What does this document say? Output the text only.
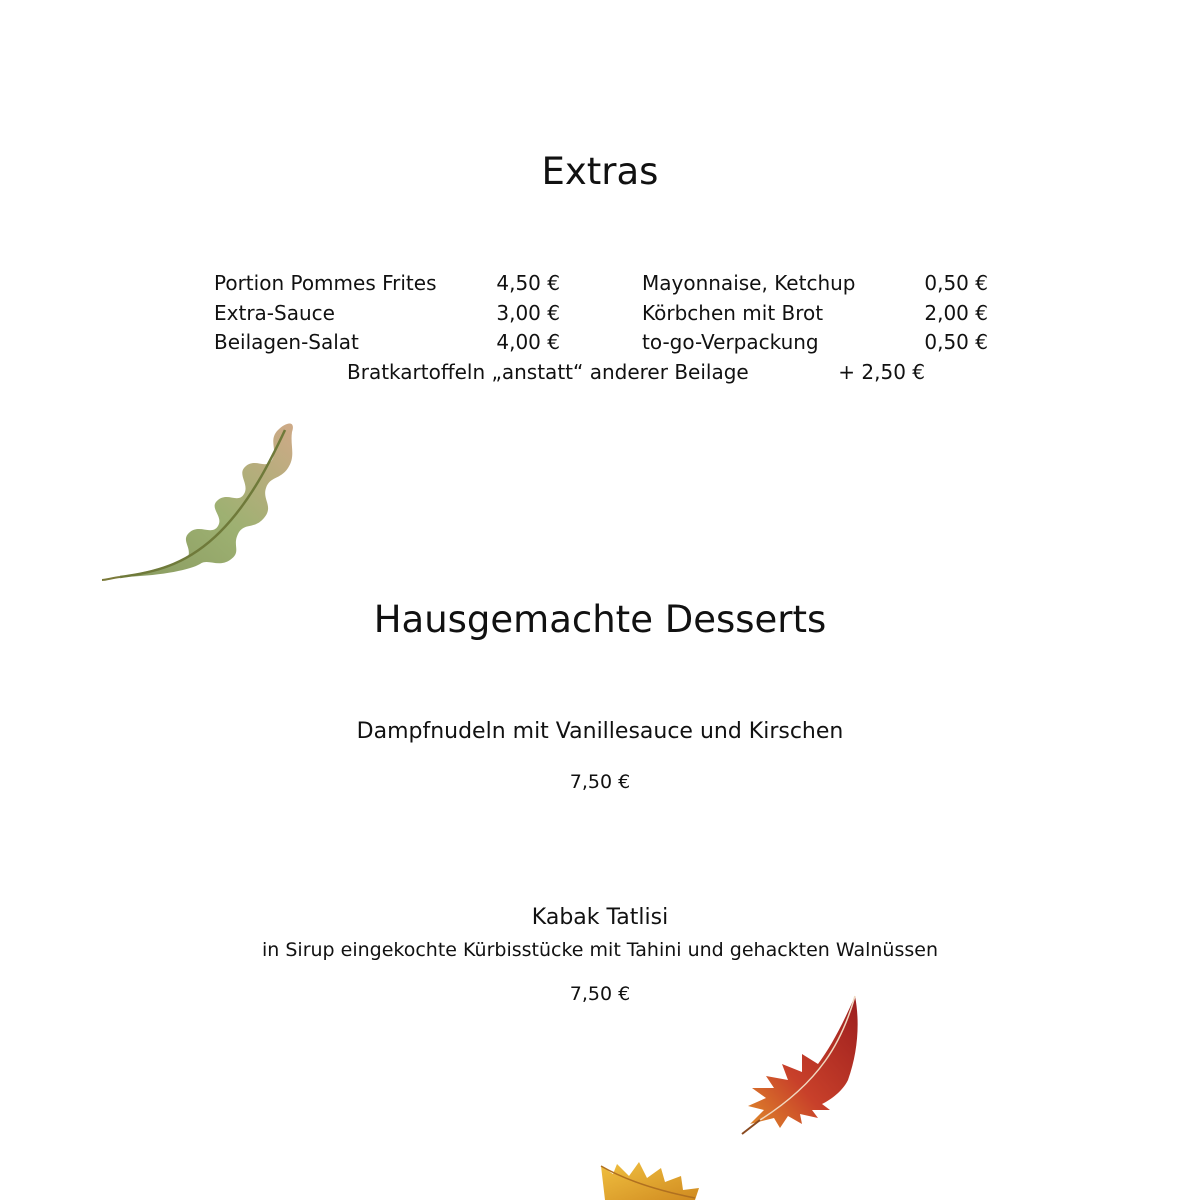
Extras
Portion Pommes Frites	4,50 €
Extra-Sauce	3,00 €
Beilagen-Salat	4,00 €
Mayonnaise, Ketchup	0,50 €
Körbchen mit Brot	2,00 €
to-go-Verpackung	0,50 €
Bratkartoffeln „anstatt“ anderer Beilage	+ 2,50 €
Hausgemachte Desserts
Dampfnudeln mit Vanillesauce und Kirschen
7,50 €
Kabak Tatlisi
in Sirup eingekochte Kürbisstücke mit Tahini und gehackten Walnüssen
7,50 €
